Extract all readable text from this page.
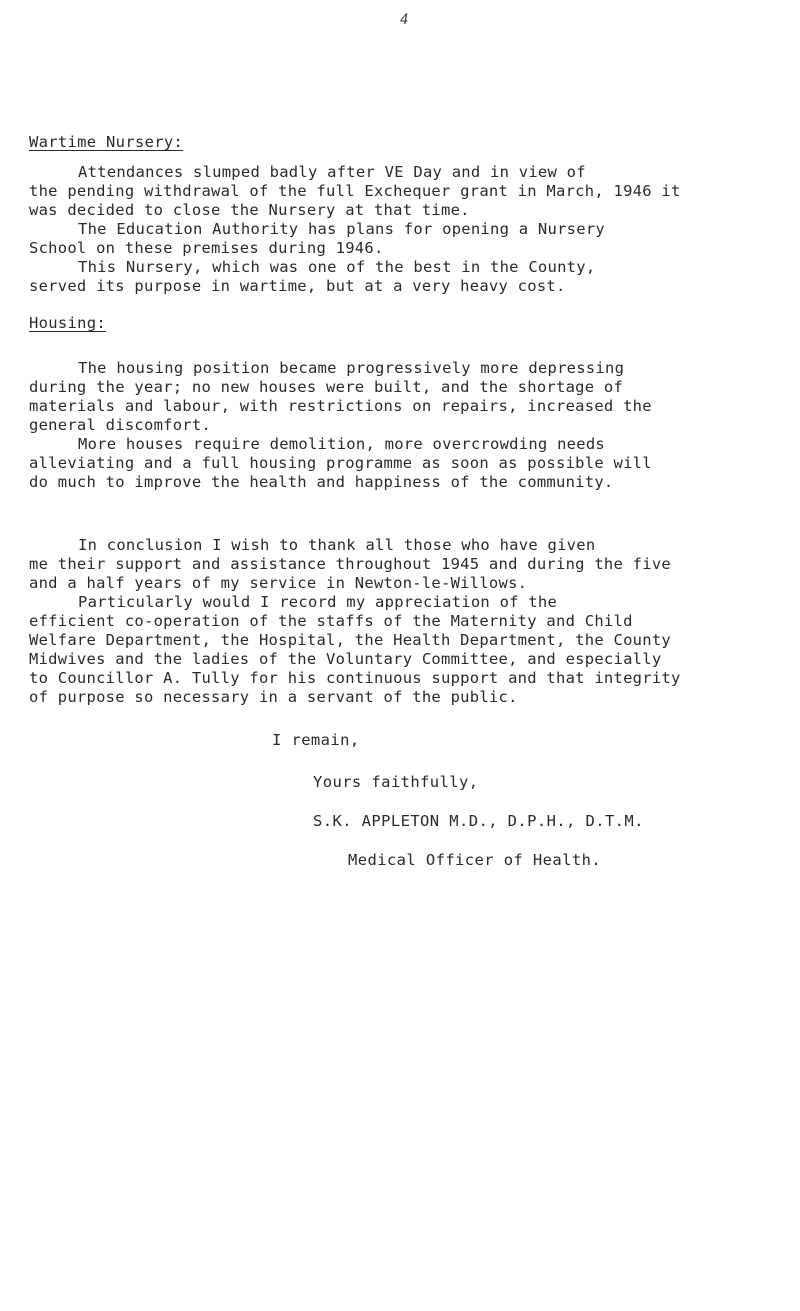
4
Wartime Nursery:
Attendances slumped badly after VE Day and in view of
the pending withdrawal of the full Exchequer grant in March, 1946 it
was decided to close the Nursery at that time.
The Education Authority has plans for opening a Nursery
School on these premises during 1946.
This Nursery, which was one of the best in the County,
served its purpose in wartime, but at a very heavy cost.
Housing:
The housing position became progressively more depressing
during the year; no new houses were built, and the shortage of
materials and labour, with restrictions on repairs, increased the
general discomfort.
More houses require demolition, more overcrowding needs
alleviating and a full housing programme as soon as possible will
do much to improve the health and happiness of the community.
In conclusion I wish to thank all those who have given
me their support and assistance throughout 1945 and during the five
and a half years of my service in Newton-le-Willows.
Particularly would I record my appreciation of the
efficient co-operation of the staffs of the Maternity and Child
Welfare Department, the Hospital, the Health Department, the County
Midwives and the ladies of the Voluntary Committee, and especially
to Councillor A. Tully for his continuous support and that integrity
of purpose so necessary in a servant of the public.
I remain,
Yours faithfully,
S.K. APPLETON M.D., D.P.H., D.T.M.
Medical Officer of Health.
